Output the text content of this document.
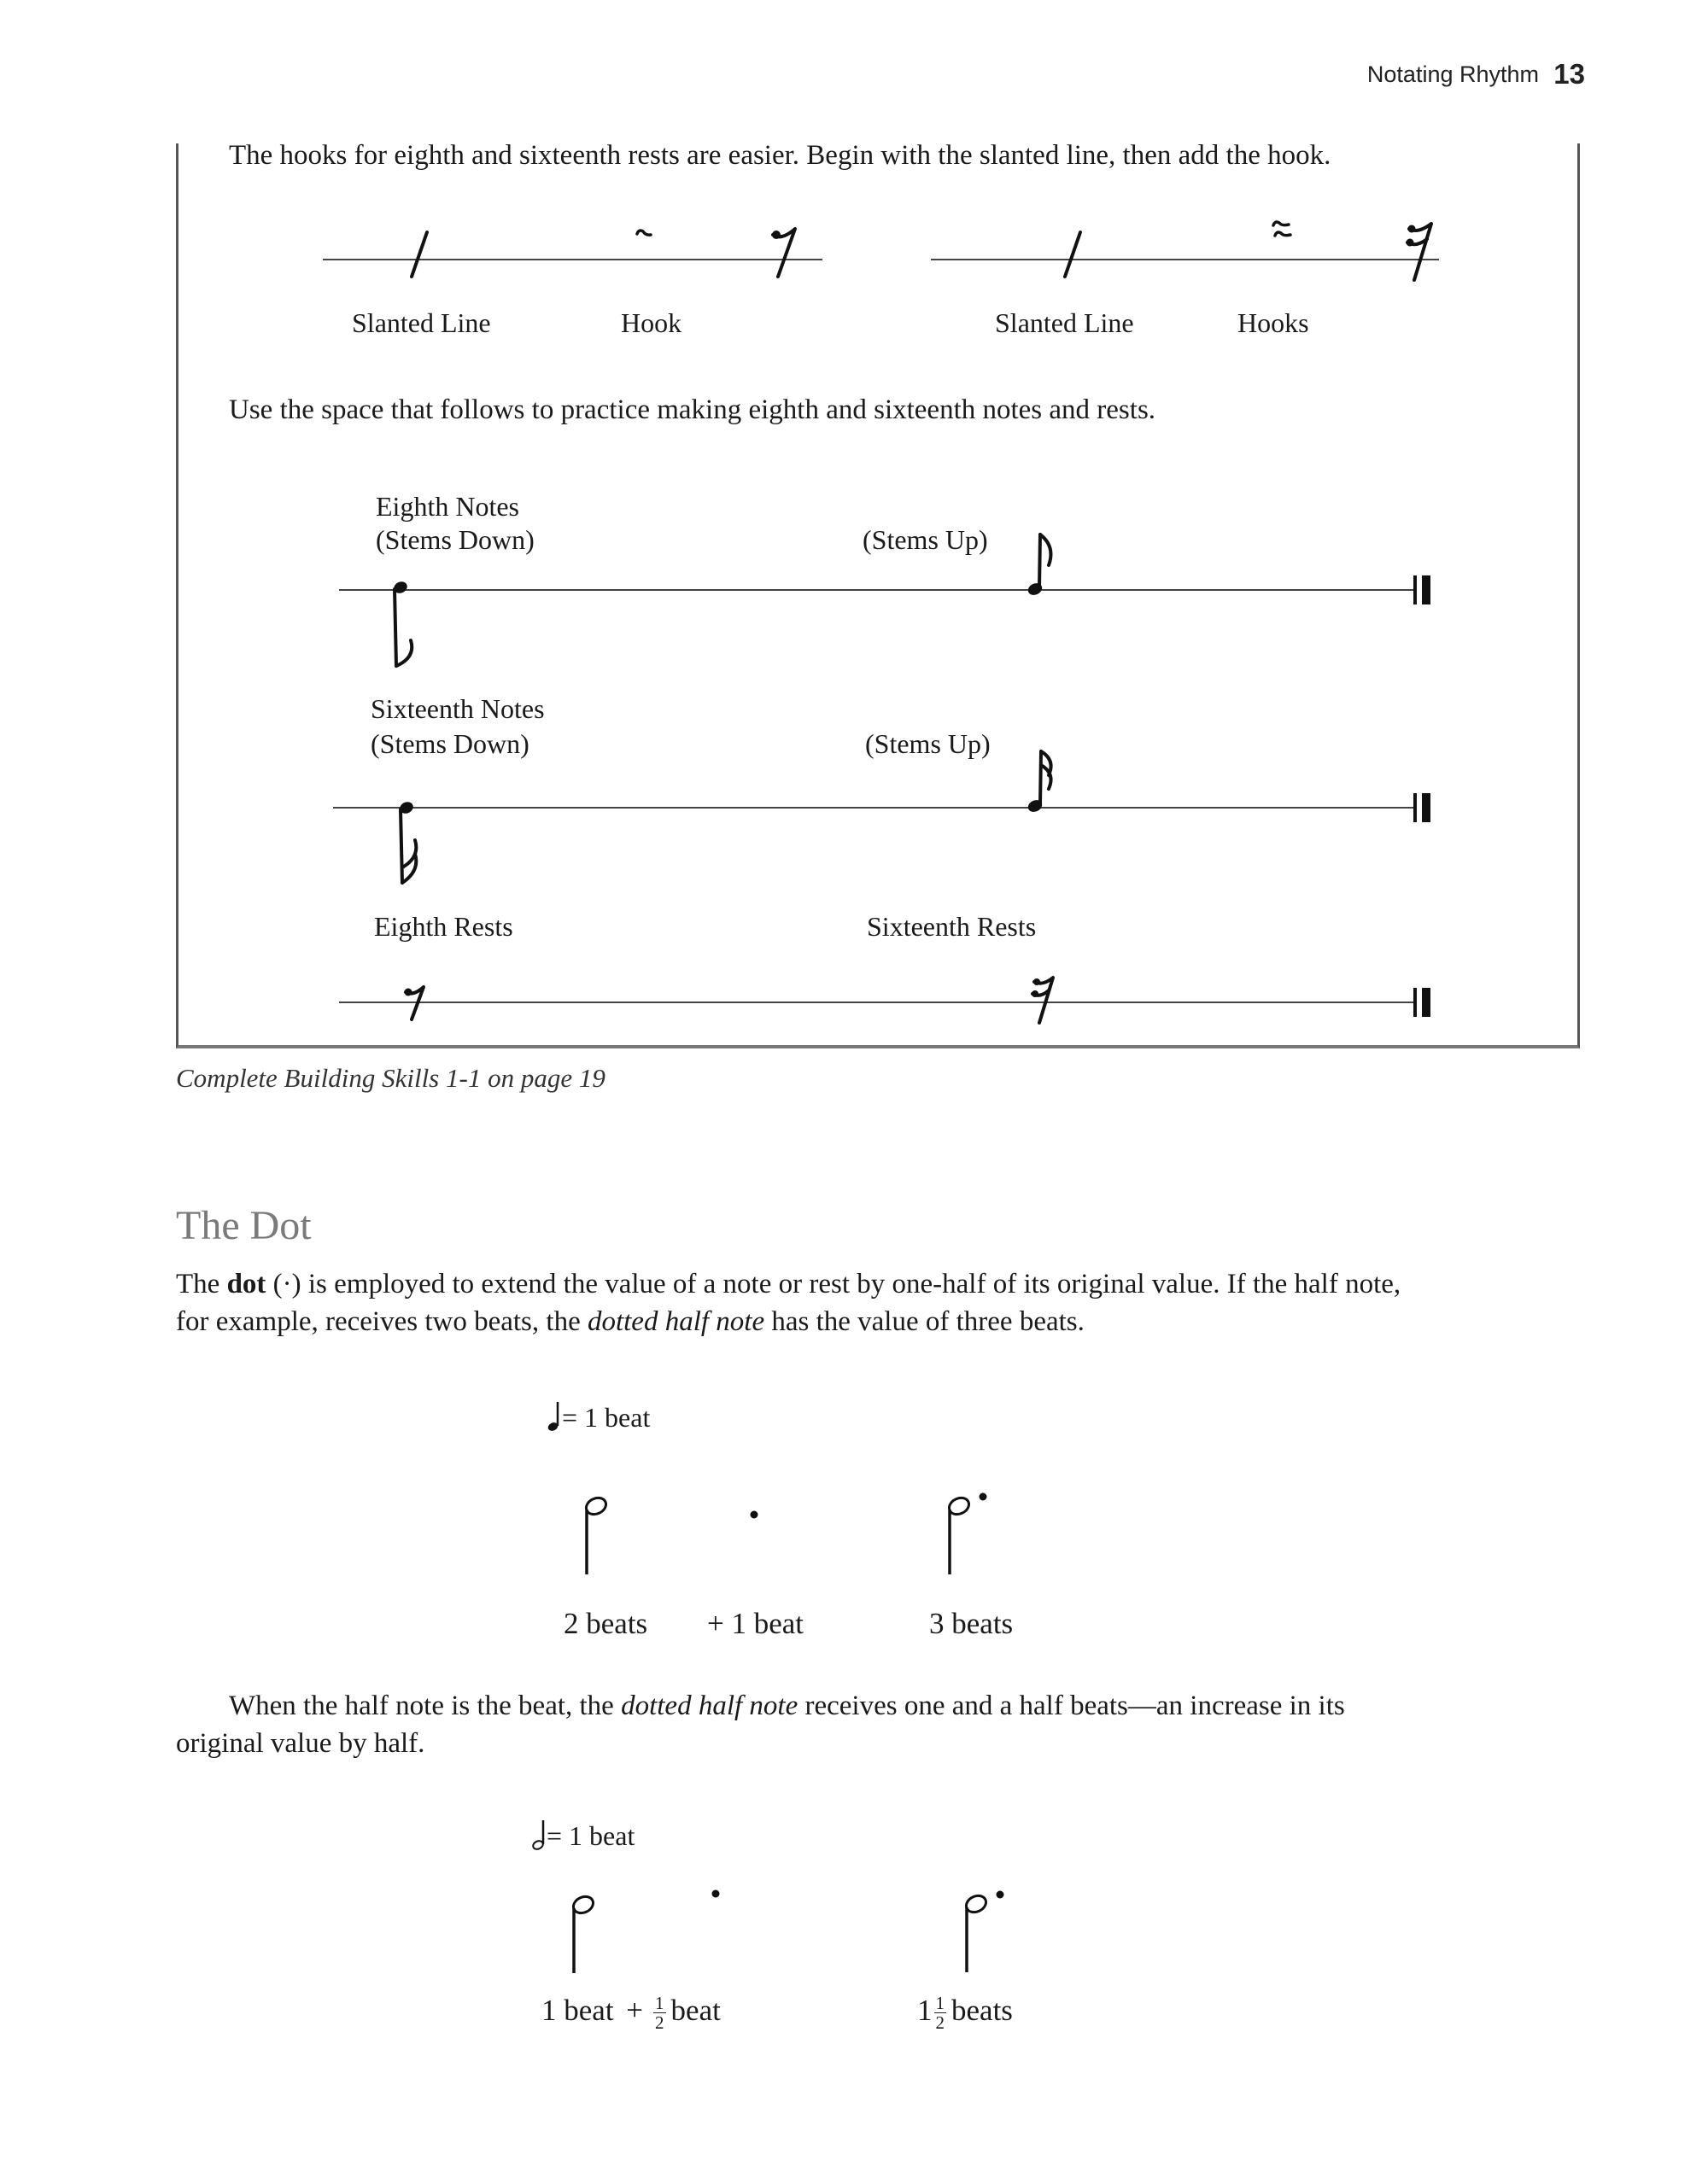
Notating Rhythm 13
The hooks for eighth and sixteenth rests are easier. Begin with the slanted line, then add the hook.
Slanted Line	Hook	Slanted Line	Hooks
Use the space that follows to practice making eighth and sixteenth notes and rests.
Eighth Notes
(Stems Down)	(Stems Up)
Sixteenth Notes
(Stems Down)	(Stems Up)
Eighth Rests	Sixteenth Rests
Complete Building Skills 1-1 on page 19
The Dot
The dot (·) is employed to extend the value of a note or rest by one-half of its original value. If the half note, for example, receives two beats, the dotted half note has the value of three beats.
= 1 beat
2 beats + 1 beat	3 beats
When the half note is the beat, the dotted half note receives one and a half beats—an increase in its original value by half.
= 1 beat
1 beat + $\frac{1}{2}$ beat	$1 \frac{1}{2}$ beats
